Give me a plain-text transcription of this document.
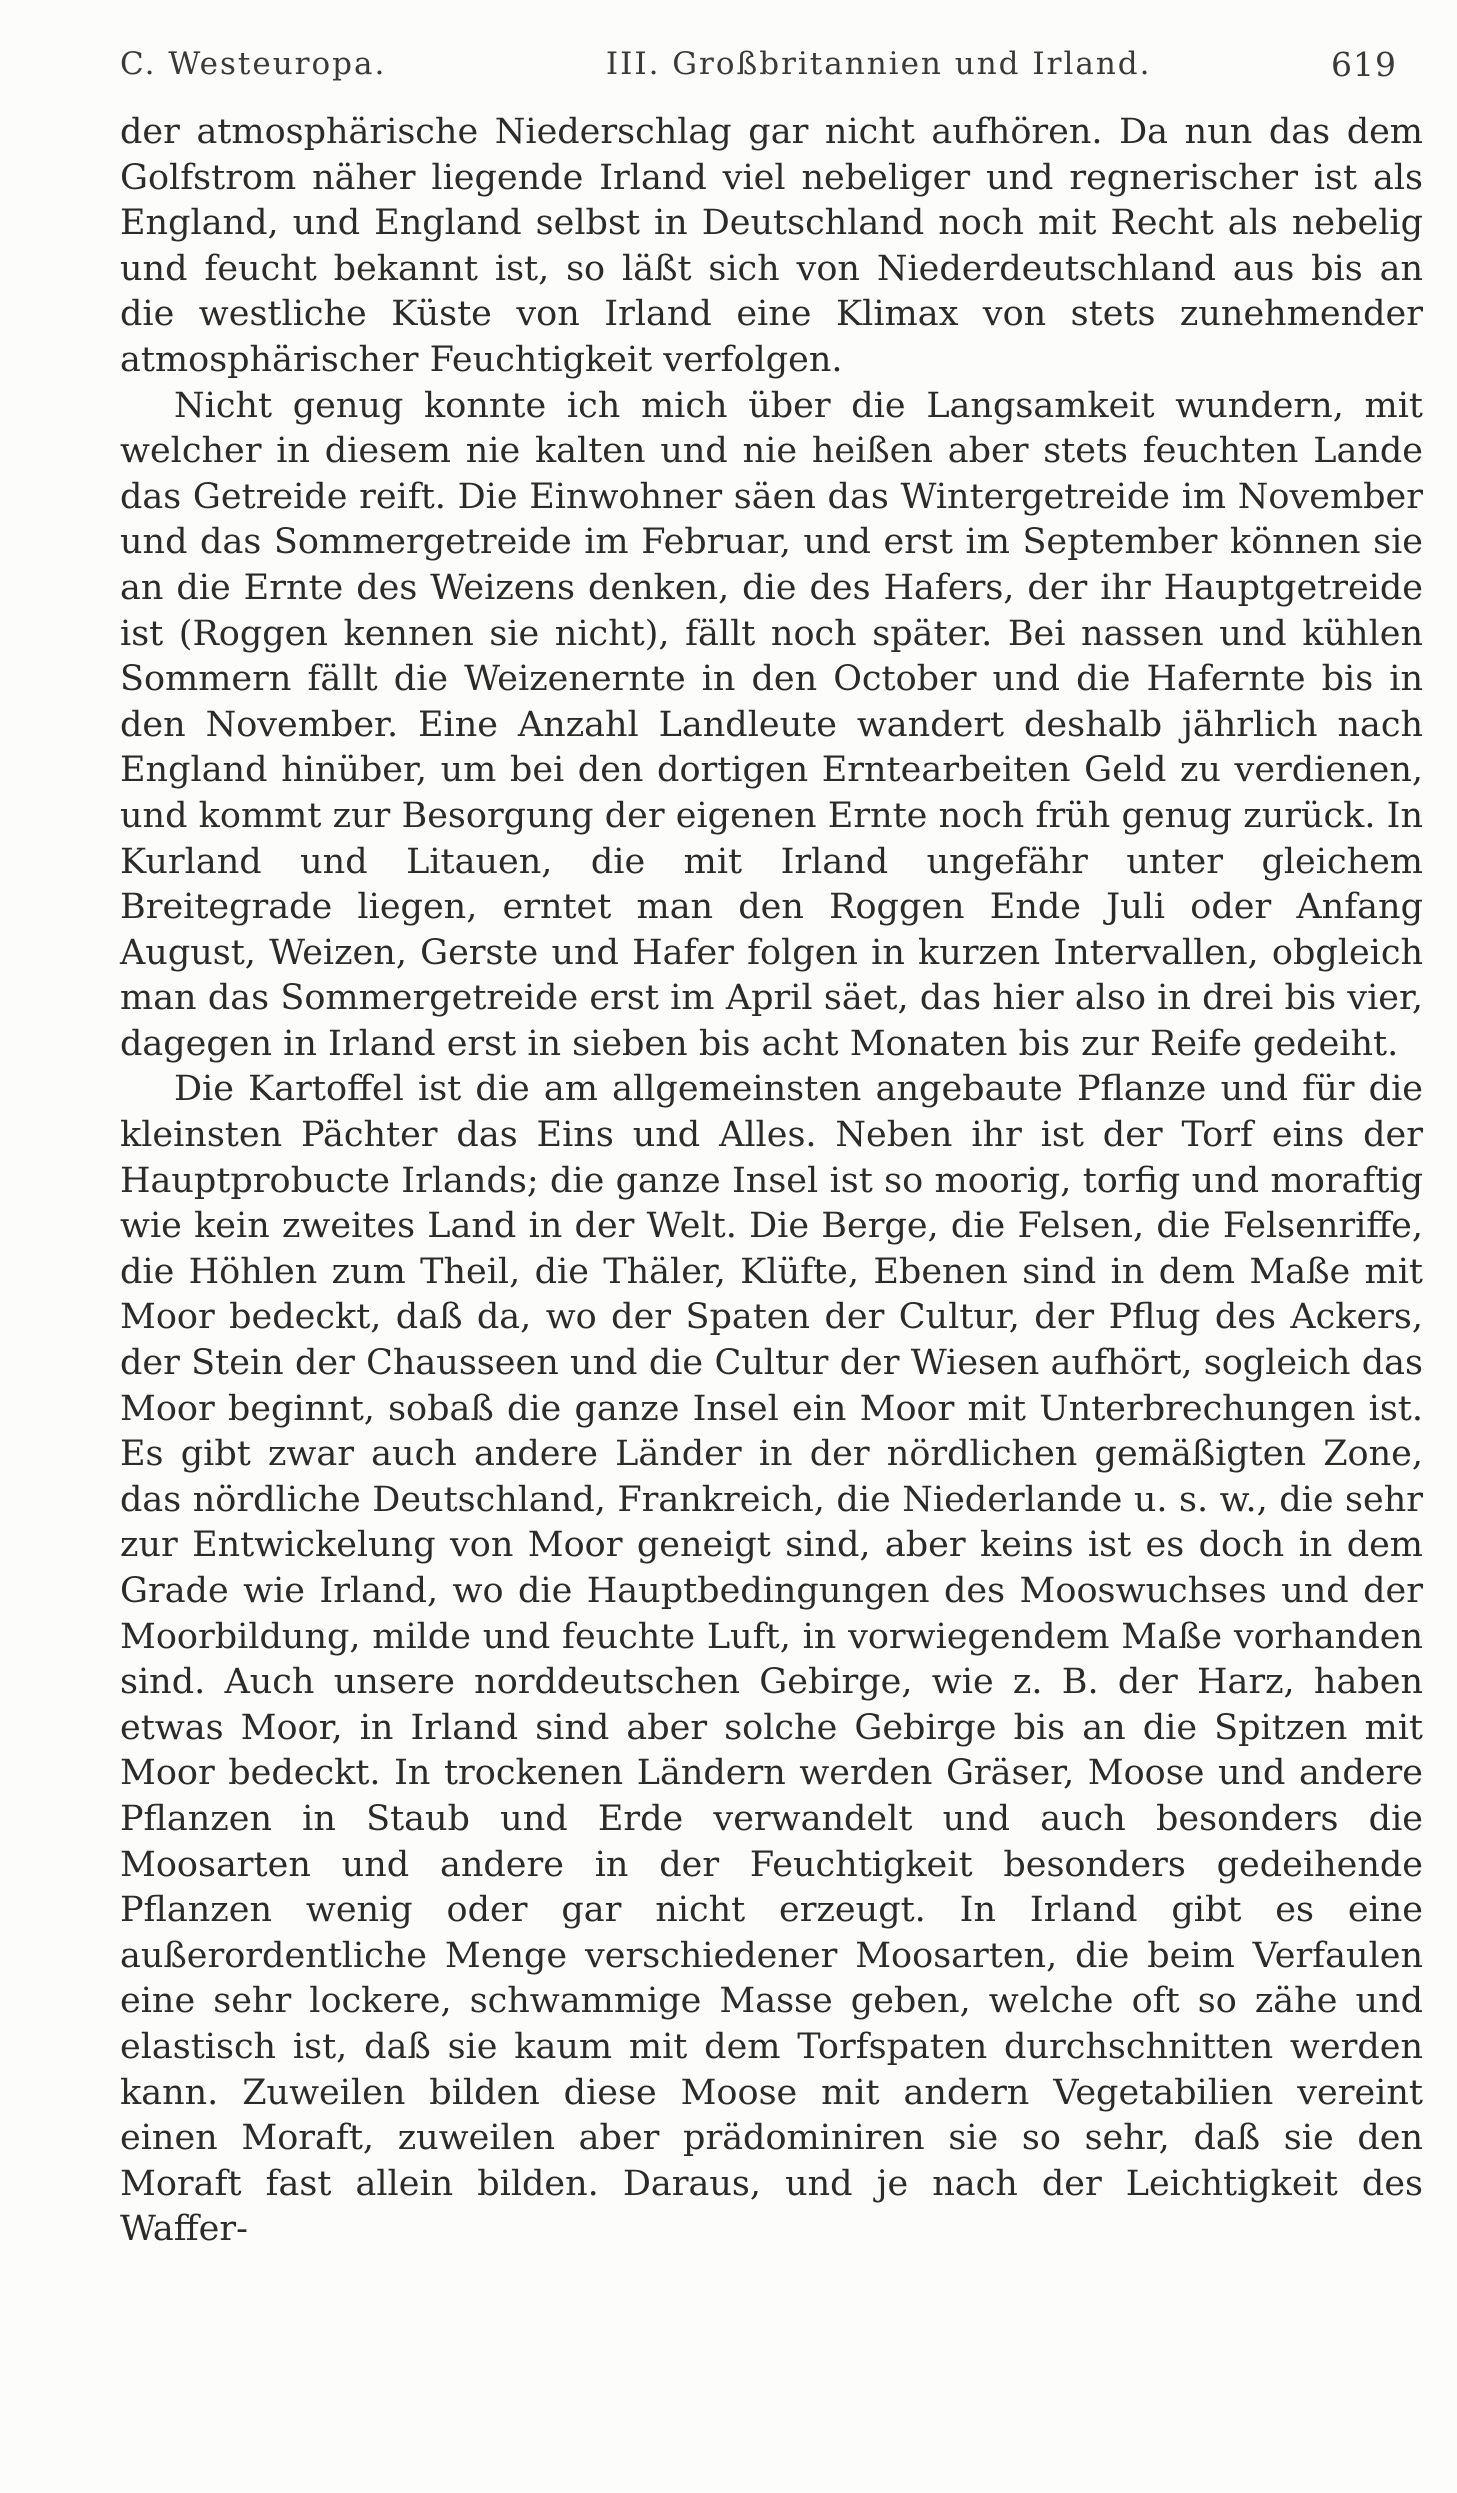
C. Westeuropa.	III. Großbritannien und Irland.	619

der atmosphärische Niederschlag gar nicht aufhören. Da nun das dem Golfstrom näher liegende Irland viel nebeliger und regnerischer ist als England, und England selbst in Deutschland noch mit Recht als nebelig und feucht bekannt ist, so läßt sich von Niederdeutschland aus bis an die westliche Küste von Irland eine Klimax von stets zunehmender atmosphärischer Feuchtigkeit verfolgen.

Nicht genug konnte ich mich über die Langsamkeit wundern, mit welcher in diesem nie kalten und nie heißen aber stets feuchten Lande das Getreide reift. Die Einwohner säen das Wintergetreide im November und das Sommergetreide im Februar, und erst im September können sie an die Ernte des Weizens denken, die des Hafers, der ihr Hauptgetreide ist (Roggen kennen sie nicht), fällt noch später. Bei nassen und kühlen Sommern fällt die Weizenernte in den October und die Hafernte bis in den November. Eine Anzahl Landleute wandert deshalb jährlich nach England hinüber, um bei den dortigen Erntearbeiten Geld zu verdienen, und kommt zur Besorgung der eigenen Ernte noch früh genug zurück. In Kurland und Litauen, die mit Irland ungefähr unter gleichem Breitegrade liegen, erntet man den Roggen Ende Juli oder Anfang August, Weizen, Gerste und Hafer folgen in kurzen Intervallen, obgleich man das Sommergetreide erst im April säet, das hier also in drei bis vier, dagegen in Irland erst in sieben bis acht Monaten bis zur Reife gedeiht.

Die Kartoffel ist die am allgemeinsten angebaute Pflanze und für die kleinsten Pächter das Eins und Alles. Neben ihr ist der Torf eins der Hauptprobucte Irlands; die ganze Insel ist so moorig, torfig und moraftig wie kein zweites Land in der Welt. Die Berge, die Felsen, die Felsenriffe, die Höhlen zum Theil, die Thäler, Klüfte, Ebenen sind in dem Maße mit Moor bedeckt, daß da, wo der Spaten der Cultur, der Pflug des Ackers, der Stein der Chausseen und die Cultur der Wiesen aufhört, sogleich das Moor beginnt, sobaß die ganze Insel ein Moor mit Unterbrechungen ist. Es gibt zwar auch andere Länder in der nördlichen gemäßigten Zone, das nördliche Deutschland, Frankreich, die Niederlande u. s. w., die sehr zur Entwickelung von Moor geneigt sind, aber keins ist es doch in dem Grade wie Irland, wo die Hauptbedingungen des Mooswuchses und der Moorbildung, milde und feuchte Luft, in vorwiegendem Maße vorhanden sind. Auch unsere norddeutschen Gebirge, wie z. B. der Harz, haben etwas Moor, in Irland sind aber solche Gebirge bis an die Spitzen mit Moor bedeckt. In trockenen Ländern werden Gräser, Moose und andere Pflanzen in Staub und Erde verwandelt und auch besonders die Moosarten und andere in der Feuchtigkeit besonders gedeihende Pflanzen wenig oder gar nicht erzeugt. In Irland gibt es eine außerordentliche Menge verschiedener Moosarten, die beim Verfaulen eine sehr lockere, schwammige Masse geben, welche oft so zähe und elastisch ist, daß sie kaum mit dem Torfspaten durchschnitten werden kann. Zuweilen bilden diese Moose mit andern Vegetabilien vereint einen Moraft, zuweilen aber prädominiren sie so sehr, daß sie den Moraft fast allein bilden. Daraus, und je nach der Leichtigkeit des Waffer-
